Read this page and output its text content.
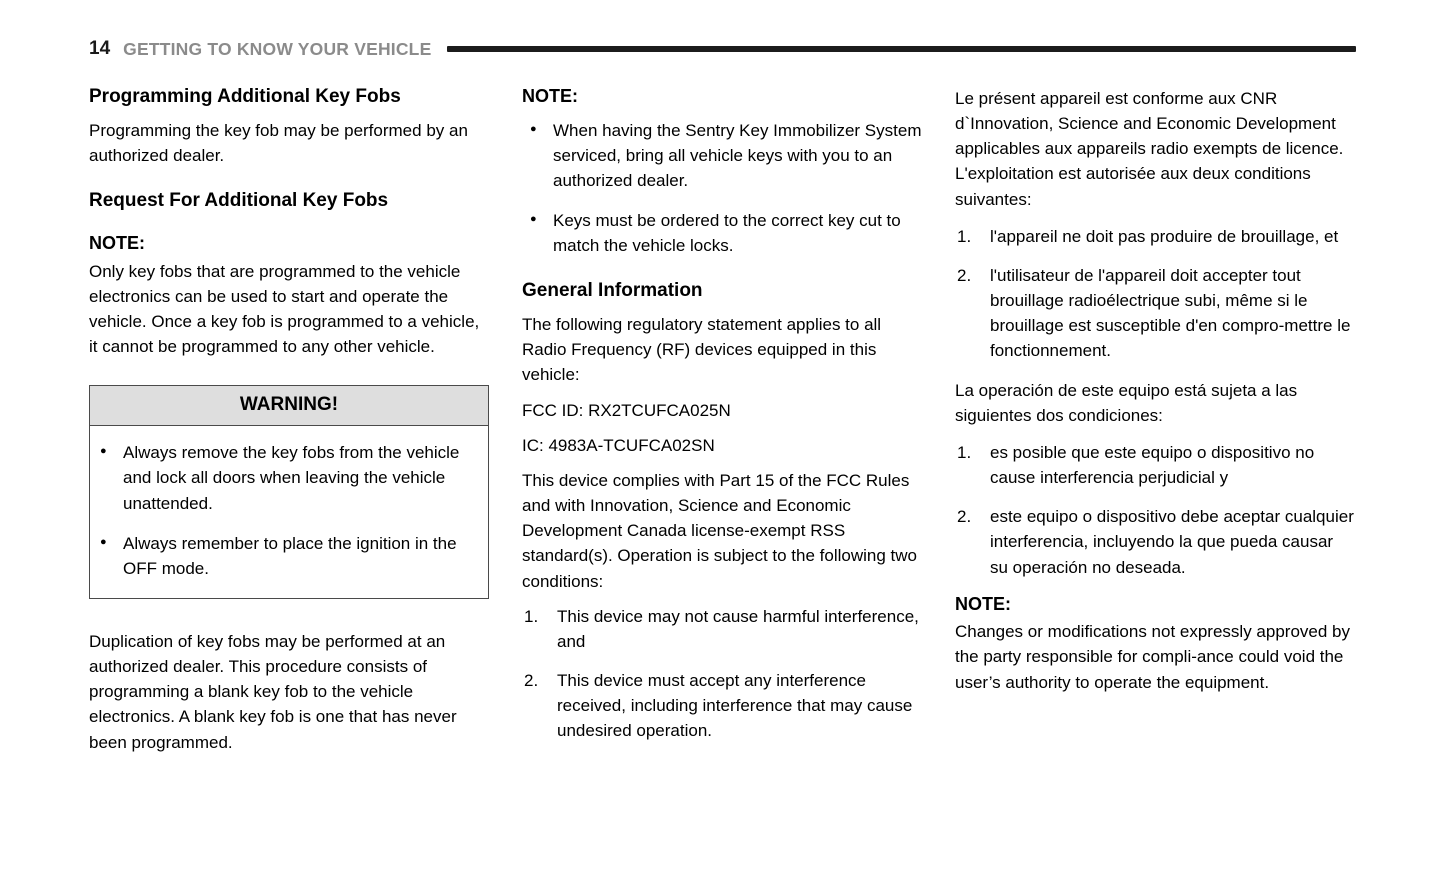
14 GETTING TO KNOW YOUR VEHICLE
Programming Additional Key Fobs

Programming the key fob may be performed by an authorized dealer.

Request For Additional Key Fobs
NOTE:

Only key fobs that are programmed to the vehicle electronics can be used to start and operate the vehicle. Once a key fob is programmed to a vehicle, it cannot be programmed to any other vehicle.

WARNING!
● Always remove the key fobs from the vehicle and lock all doors when leaving the vehicle unattended.
● Always remember to place the ignition in the OFF mode.

Duplication of key fobs may be performed at an authorized dealer. This procedure consists of programming a blank key fob to the vehicle electronics. A blank key fob is one that has never been programmed.

NOTE:
● When having the Sentry Key Immobilizer System serviced, bring all vehicle keys with you to an authorized dealer.
● Keys must be ordered to the correct key cut to match the vehicle locks.
General Information

The following regulatory statement applies to all Radio Frequency (RF) devices equipped in this vehicle:

FCC ID: RX2TCUFCA025N

IC: 4983A-TCUFCA02SN

This device complies with Part 15 of the FCC Rules and with Innovation, Science and Economic Development Canada license-exempt RSS standard(s). Operation is subject to the following two conditions:

1.	This device may not cause harmful interference, and
2.	This device must accept any interference received, including interference that may cause undesired operation.

Le présent appareil est conforme aux CNR d`Innovation, Science and Economic Development applicables aux appareils radio exempts de licence. L'exploitation est autorisée aux deux conditions suivantes:

1.	l'appareil ne doit pas produire de brouillage, et
2.	l'utilisateur de l'appareil doit accepter tout brouillage radioélectrique subi, même si le brouillage est susceptible d'en compro-mettre le fonctionnement.

La operación de este equipo está sujeta a las siguientes dos condiciones:

1.	es posible que este equipo o dispositivo no cause interferencia perjudicial y
2.	este equipo o dispositivo debe aceptar cualquier interferencia, incluyendo la que pueda causar su operación no deseada.
NOTE:

Changes or modifications not expressly approved by the party responsible for compli-ance could void the user’s authority to operate the equipment.
